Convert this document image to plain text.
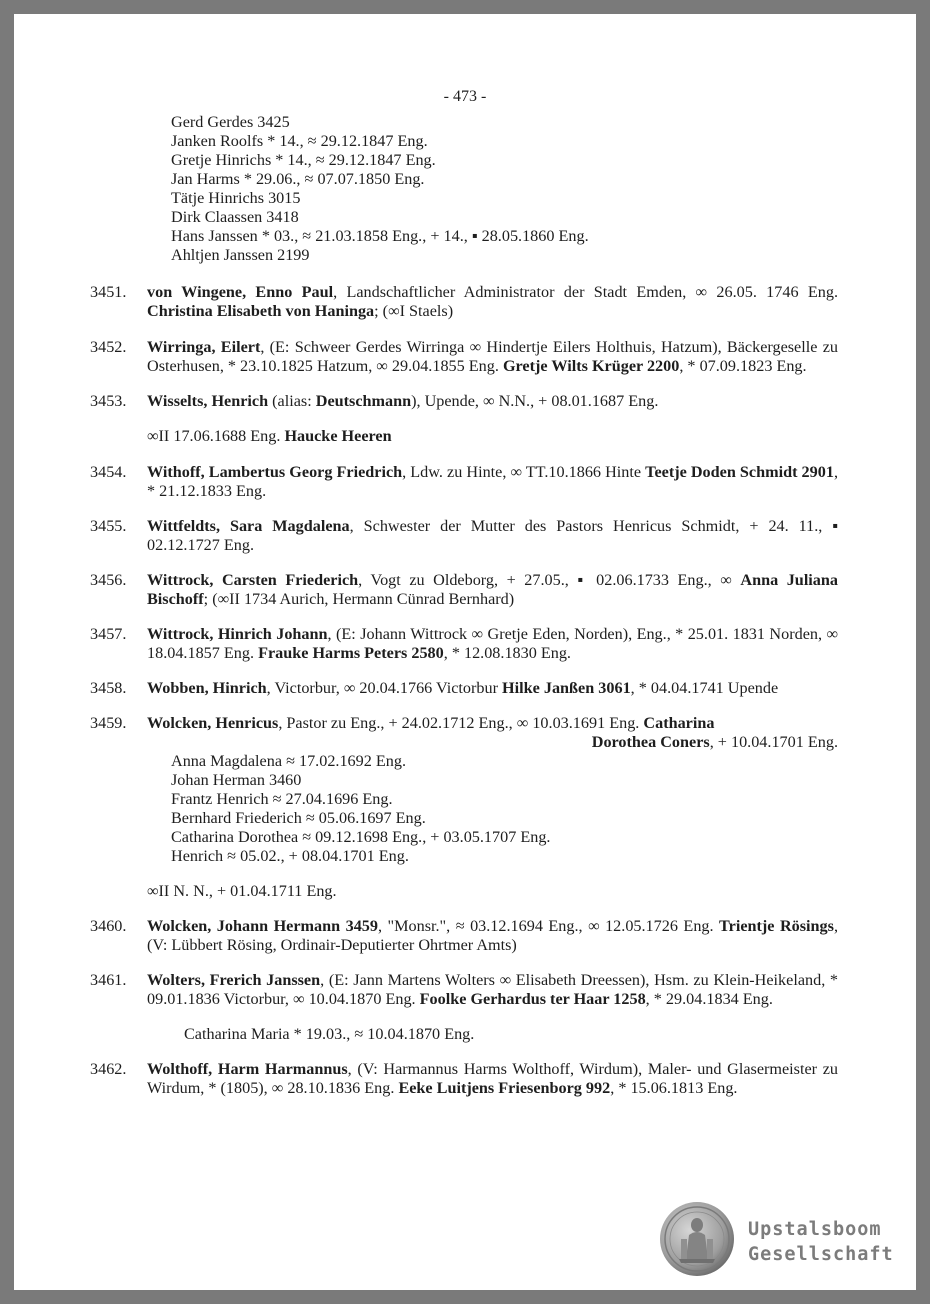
- 473 -
Gerd Gerdes 3425
Janken Roolfs * 14., ≈ 29.12.1847 Eng.
Gretje Hinrichs * 14., ≈ 29.12.1847 Eng.
Jan Harms * 29.06., ≈ 07.07.1850 Eng.
Tätje Hinrichs 3015
Dirk Claassen 3418
Hans Janssen * 03., ≈ 21.03.1858 Eng., + 14., ▪ 28.05.1860 Eng.
Ahltjen Janssen 2199
3451.	von Wingene, Enno Paul, Landschaftlicher Administrator der Stadt Emden, ∞ 26.05. 1746 Eng. Christina Elisabeth von Haninga; (∞I Staels)
3452.	Wirringa, Eilert, (E: Schweer Gerdes Wirringa ∞ Hindertje Eilers Holthuis, Hatzum), Bäckergeselle zu Osterhusen, * 23.10.1825 Hatzum, ∞ 29.04.1855 Eng. Gretje Wilts Krüger 2200, * 07.09.1823 Eng.
3453.	Wisselts, Henrich (alias: Deutschmann), Upende, ∞ N.N., + 08.01.1687 Eng.
∞II 17.06.1688 Eng. Haucke Heeren
3454.	Withoff, Lambertus Georg Friedrich, Ldw. zu Hinte, ∞ TT.10.1866 Hinte Teetje Doden Schmidt 2901, * 21.12.1833 Eng.
3455.	Wittfeldts, Sara Magdalena, Schwester der Mutter des Pastors Henricus Schmidt, + 24. 11., ▪ 02.12.1727 Eng.
3456.	Wittrock, Carsten Friederich, Vogt zu Oldeborg, + 27.05., ▪ 02.06.1733 Eng., ∞ Anna Juliana Bischoff; (∞II 1734 Aurich, Hermann Cünrad Bernhard)
3457.	Wittrock, Hinrich Johann, (E: Johann Wittrock ∞ Gretje Eden, Norden), Eng., * 25.01. 1831 Norden, ∞ 18.04.1857 Eng. Frauke Harms Peters 2580, * 12.08.1830 Eng.
3458.	Wobben, Hinrich, Victorbur, ∞ 20.04.1766 Victorbur Hilke Janßen 3061, * 04.04.1741 Upende
3459.	Wolcken, Henricus, Pastor zu Eng., + 24.02.1712 Eng., ∞ 10.03.1691 Eng. Catharina
Dorothea Coners, + 10.04.1701 Eng.
Anna Magdalena ≈ 17.02.1692 Eng.
Johan Herman 3460
Frantz Henrich ≈ 27.04.1696 Eng.
Bernhard Friederich ≈ 05.06.1697 Eng.
Catharina Dorothea ≈ 09.12.1698 Eng., + 03.05.1707 Eng.
Henrich ≈ 05.02., + 08.04.1701 Eng.
∞II N. N., + 01.04.1711 Eng.
3460.	Wolcken, Johann Hermann 3459, "Monsr.", ≈ 03.12.1694 Eng., ∞ 12.05.1726 Eng. Trientje Rösings, (V: Lübbert Rösing, Ordinair-Deputierter Ohrtmer Amts)
3461.	Wolters, Frerich Janssen, (E: Jann Martens Wolters ∞ Elisabeth Dreessen), Hsm. zu Klein-Heikeland, * 09.01.1836 Victorbur, ∞ 10.04.1870 Eng. Foolke Gerhardus ter Haar 1258, * 29.04.1834 Eng.
Catharina Maria * 19.03., ≈ 10.04.1870 Eng.
3462.	Wolthoff, Harm Harmannus, (V: Harmannus Harms Wolthoff, Wirdum), Maler- und Glasermeister zu Wirdum, * (1805), ∞ 28.10.1836 Eng. Eeke Luitjens Friesenborg 992, * 15.06.1813 Eng.
Upstalsboom
Gesellschaft
